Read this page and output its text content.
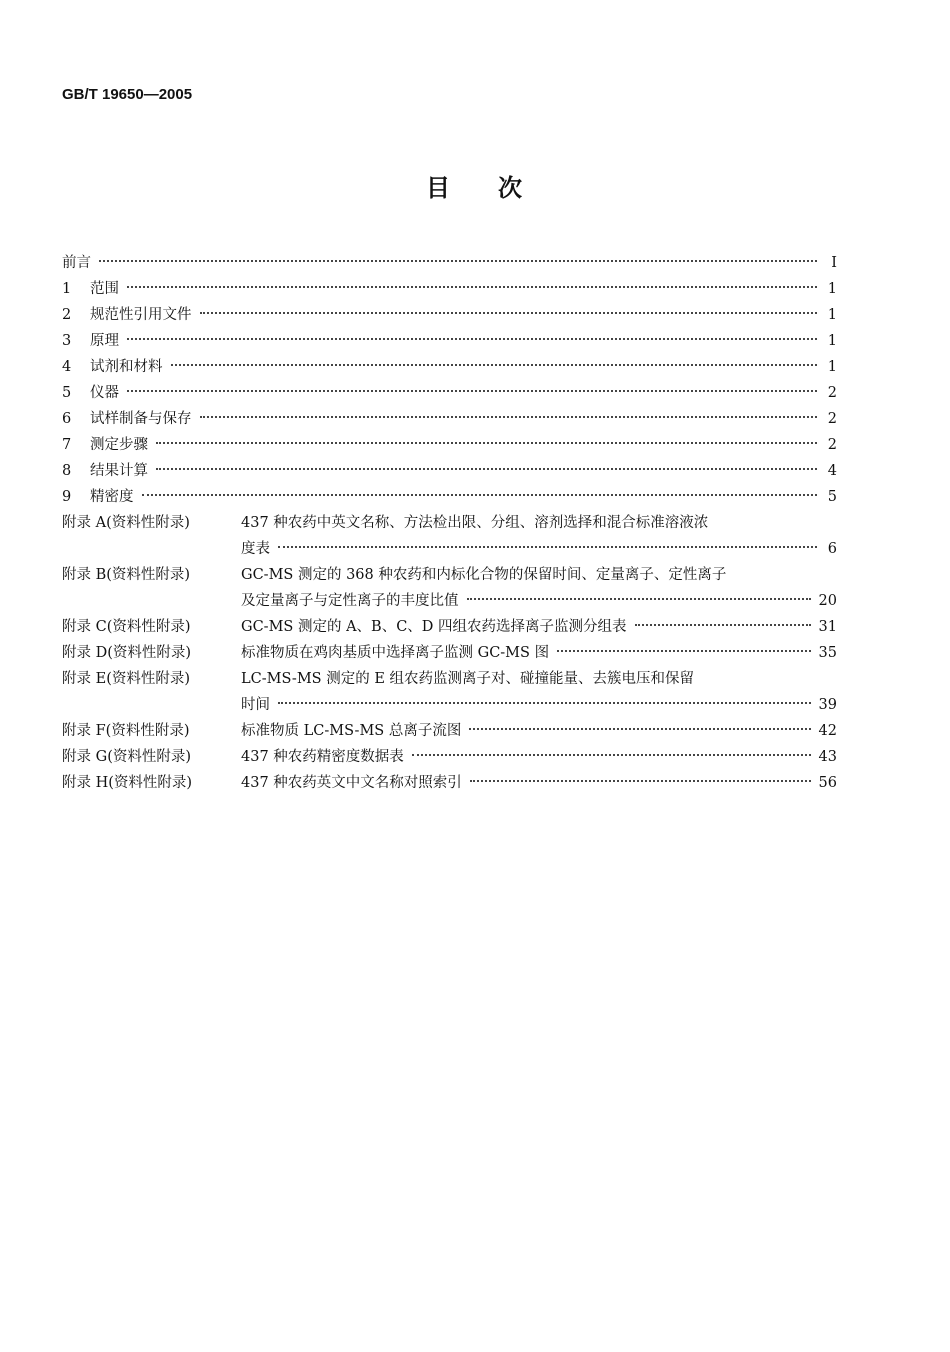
GB/T 19650—2005
目 次
前言	I
1	范围	1
2	规范性引用文件	1
3	原理	1
4	试剂和材料	1
5	仪器	2
6	试样制备与保存	2
7	测定步骤	2
8	结果计算	4
9	精密度	5
附录 A(资料性附录)	437 种农药中英文名称、方法检出限、分组、溶剂选择和混合标准溶液浓
度表	6
附录 B(资料性附录)	GC-MS 测定的 368 种农药和内标化合物的保留时间、定量离子、定性离子
及定量离子与定性离子的丰度比值	20
附录 C(资料性附录)	GC-MS 测定的 A、B、C、D 四组农药选择离子监测分组表	31
附录 D(资料性附录)	标准物质在鸡肉基质中选择离子监测 GC-MS 图	35
附录 E(资料性附录)	LC-MS-MS 测定的 E 组农药监测离子对、碰撞能量、去簇电压和保留
时间	39
附录 F(资料性附录)	标准物质 LC-MS-MS 总离子流图	42
附录 G(资料性附录)	437 种农药精密度数据表	43
附录 H(资料性附录)	437 种农药英文中文名称对照索引	56
